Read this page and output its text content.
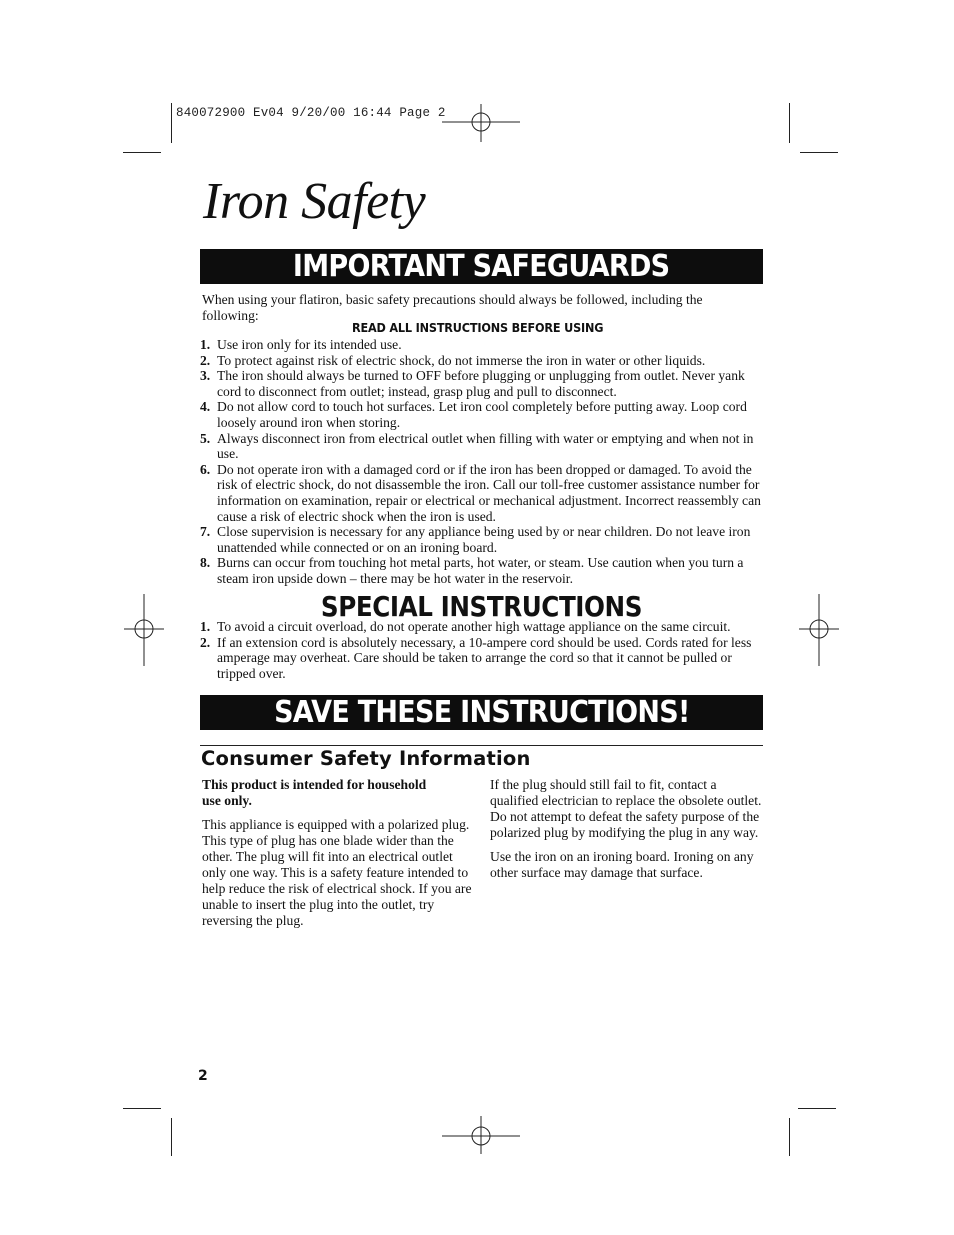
840072900 Ev04 9/20/00 16:44 Page 2
Iron Safety
IMPORTANT SAFEGUARDS
When using your flatiron, basic safety precautions should always be followed, including the following:
READ ALL INSTRUCTIONS BEFORE USING
1. Use iron only for its intended use.
2. To protect against risk of electric shock, do not immerse the iron in water or other liquids.
3. The iron should always be turned to OFF before plugging or unplugging from outlet. Never yank cord to disconnect from outlet; instead, grasp plug and pull to disconnect.
4. Do not allow cord to touch hot surfaces. Let iron cool completely before putting away. Loop cord loosely around iron when storing.
5. Always disconnect iron from electrical outlet when filling with water or emptying and when not in use.
6. Do not operate iron with a damaged cord or if the iron has been dropped or damaged. To avoid the risk of electric shock, do not disassemble the iron. Call our toll-free customer assistance number for information on examination, repair or electrical or mechanical adjustment. Incorrect reassembly can cause a risk of electric shock when the iron is used.
7. Close supervision is necessary for any appliance being used by or near children. Do not leave iron unattended while connected or on an ironing board.
8. Burns can occur from touching hot metal parts, hot water, or steam. Use caution when you turn a steam iron upside down – there may be hot water in the reservoir.
SPECIAL INSTRUCTIONS
1. To avoid a circuit overload, do not operate another high wattage appliance on the same circuit.
2. If an extension cord is absolutely necessary, a 10-ampere cord should be used. Cords rated for less amperage may overheat. Care should be taken to arrange the cord so that it cannot be pulled or tripped over.
SAVE THESE INSTRUCTIONS!
Consumer Safety Information

This product is intended for household use only.

This appliance is equipped with a polarized plug. This type of plug has one blade wider than the other. The plug will fit into an electrical outlet only one way. This is a safety feature intended to help reduce the risk of electrical shock. If you are unable to insert the plug into the outlet, try reversing the plug.

If the plug should still fail to fit, contact a qualified electrician to replace the obsolete outlet. Do not attempt to defeat the safety purpose of the polarized plug by modifying the plug in any way.

Use the iron on an ironing board. Ironing on any other surface may damage that surface.

2
